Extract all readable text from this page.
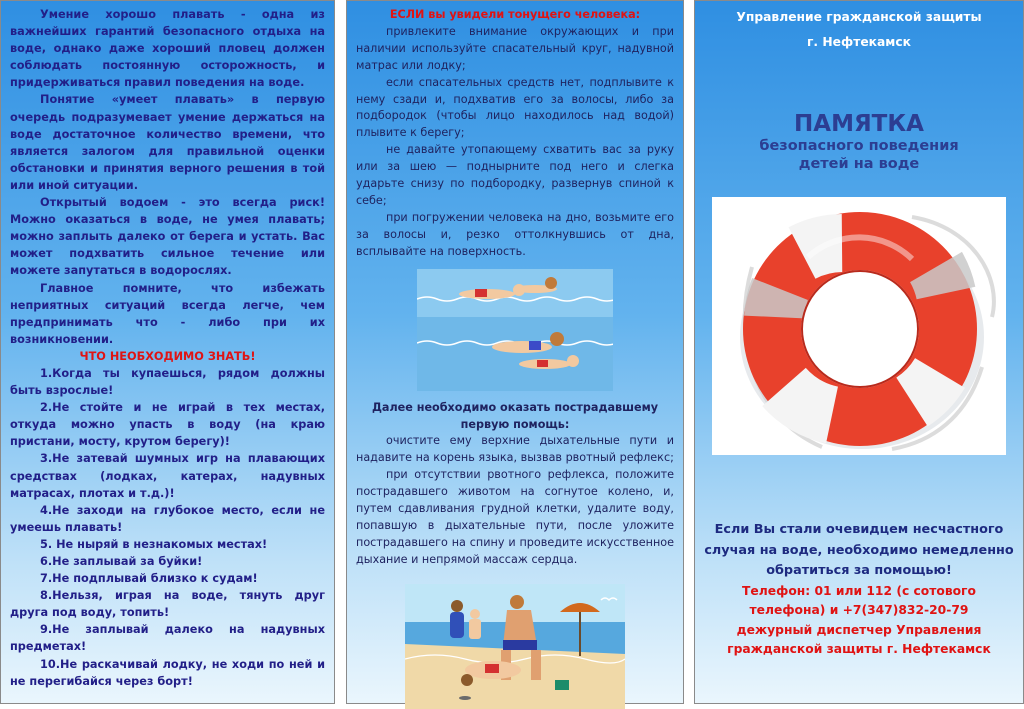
Умение хорошо плавать - одна из важнейших гарантий безопасного отдыха на воде, однако даже хороший пловец должен соблюдать постоянную осторожность, и придерживаться правил поведения на воде.

Понятие «умеет плавать» в первую очередь подразумевает умение держаться на воде достаточное количество времени, что является залогом для правильной оценки обстановки и принятия верного решения в той или иной ситуации.

Открытый водоем - это всегда риск! Можно оказаться в воде, не умея плавать; можно заплыть далеко от берега и устать. Вас может подхватить сильное течение или можете запутаться в водорослях.

Главное помните, что избежать неприятных ситуаций всегда легче, чем предпринимать что - либо при их возникновении.

ЧТО НЕОБХОДИМО ЗНАТЬ!

1.Когда ты купаешься, рядом должны быть взрослые!

2.Не стойте и не играй в тех местах, откуда можно упасть в воду (на краю пристани, мосту, крутом берегу)!

3.Не затевай шумных игр на плавающих средствах (лодках, катерах, надувных матрасах, плотах и т.д.)!

4.Не заходи на глубокое место, если не умеешь плавать!

5. Не ныряй в незнакомых местах!

6.Не заплывай за буйки!

7.Не подплывай близко к судам!

8.Нельзя, играя на воде, тянуть друг друга под воду, топить!

9.Не заплывай далеко на надувных предметах!

10.Не раскачивай лодку, не ходи по ней и не перегибайся через борт!

ЕСЛИ вы увидели тонущего человека:

привлеките внимание окружающих и при наличии используйте спасательный круг, надувной матрас или лодку;

если спасательных средств нет, подплывите к нему сзади и, подхватив его за волосы, либо за подбородок (чтобы лицо находилось над водой) плывите к берегу;

не давайте утопающему схватить вас за руку или за шею — поднырните под него и слегка ударьте снизу по подбородку, развернув спиной к себе;

при погружении человека на дно, возьмите его за волосы и, резко оттолкнувшись от дна, всплывайте на поверхность.

Далее необходимо оказать пострадавшему первую помощь:

очистите ему верхние дыхательные пути и надавите на корень языка, вызвав рвотный рефлекс;

при отсутствии рвотного рефлекса, положите пострадавшего животом на согнутое колено, и, путем сдавливания грудной клетки, удалите воду, попавшую в дыхательные пути, после уложите пострадавшего на спину и проведите искусственное дыхание и непрямой массаж сердца.

Управление гражданской защиты
г. Нефтекамск
ПАМЯТКА
безопасного поведения
детей на воде
Если Вы стали очевидцем несчастного случая на воде, необходимо немедленно обратиться за помощью!
Телефон: 01 или 112 (с сотового телефона) и +7(347)832-20-79
дежурный диспетчер Управления гражданской защиты г. Нефтекамск
